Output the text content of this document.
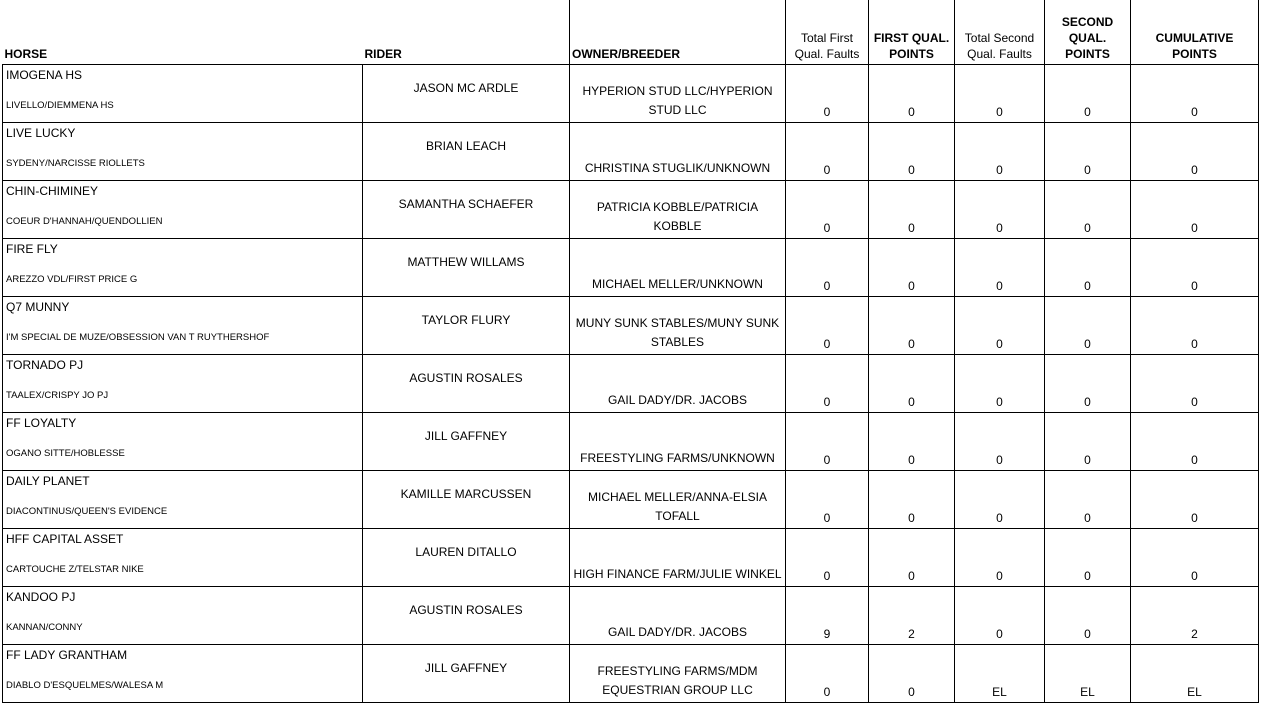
HORSE	RIDER	OWNER/BREEDER	Total First Qual. Faults	FIRST QUAL. POINTS	Total Second Qual. Faults	SECOND QUAL. POINTS	CUMULATIVE POINTS

IMOGENA HS
LIVELLO/DIEMMENA HS	JASON MC ARDLE	HYPERION STUD LLC/HYPERION STUD LLC	0	0	0	0	0

LIVE LUCKY
SYDENY/NARCISSE RIOLLETS	BRIAN LEACH	CHRISTINA STUGLIK/UNKNOWN	0	0	0	0	0

CHIN-CHIMINEY
COEUR D'HANNAH/QUENDOLLIEN	SAMANTHA SCHAEFER	PATRICIA KOBBLE/PATRICIA KOBBLE	0	0	0	0	0

FIRE FLY
AREZZO VDL/FIRST PRICE G	MATTHEW WILLAMS	MICHAEL MELLER/UNKNOWN	0	0	0	0	0

Q7 MUNNY
I'M SPECIAL DE MUZE/OBSESSION VAN T RUYTHERSHOF	TAYLOR FLURY	MUNY SUNK STABLES/MUNY SUNK STABLES	0	0	0	0	0

TORNADO PJ
TAALEX/CRISPY JO PJ	AGUSTIN ROSALES	GAIL DADY/DR. JACOBS	0	0	0	0	0

FF LOYALTY
OGANO SITTE/HOBLESSE	JILL GAFFNEY	FREESTYLING FARMS/UNKNOWN	0	0	0	0	0

DAILY PLANET
DIACONTINUS/QUEEN'S EVIDENCE	KAMILLE MARCUSSEN	MICHAEL MELLER/ANNA-ELSIA TOFALL	0	0	0	0	0

HFF CAPITAL ASSET
CARTOUCHE Z/TELSTAR NIKE	LAUREN DITALLO	HIGH FINANCE FARM/JULIE WINKEL	0	0	0	0	0

KANDOO PJ
KANNAN/CONNY	AGUSTIN ROSALES	GAIL DADY/DR. JACOBS	9	2	0	0	2

FF LADY GRANTHAM
DIABLO D'ESQUELMES/WALESA M	JILL GAFFNEY	FREESTYLING FARMS/MDM EQUESTRIAN GROUP LLC	0	0	EL	EL	EL
